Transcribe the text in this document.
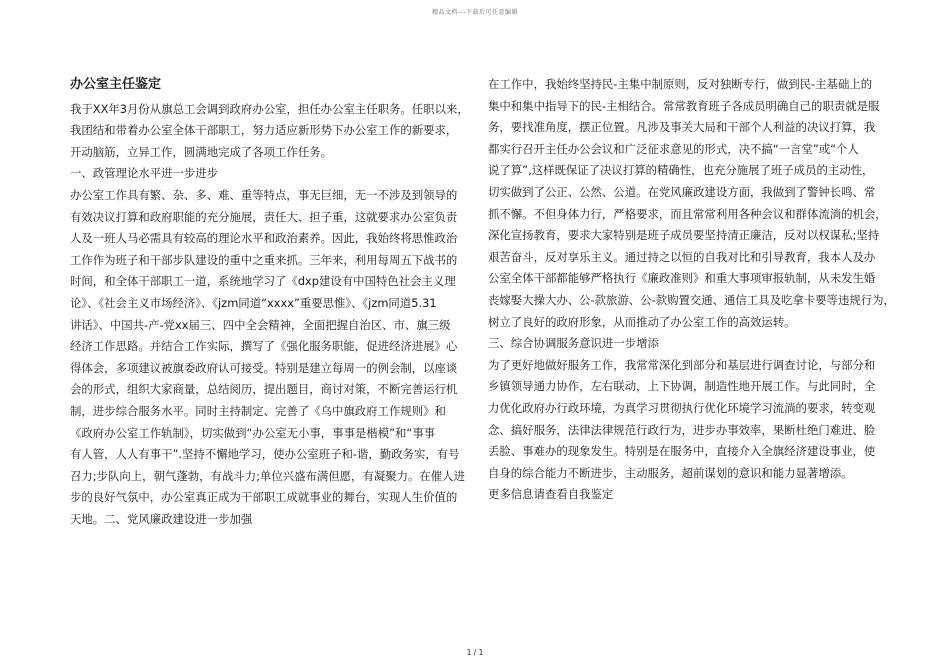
精品文档---下载后可任意编辑

办公室主任鉴定

我于XX年3月份从旗总工会调到政府办公室，担任办公室主任职务。任职以来，

我团结和带着办公室全体干部职工，努力适应新形势下办公室工作的新要求，

开动脑筋，立异工作，圆满地完成了各项工作任务。

一、政管理论水平进一步进步

办公室工作具有繁、杂、多、难、重等特点，事无巨细，无一不涉及到领导的

有效决议打算和政府职能的充分施展，责任大、担子重，这就要求办公室负责

人及一班人马必需具有较高的理论水平和政治素养。因此，我始终将思惟政治

工作作为班子和干部步队建设的重中之重来抓。三年来，利用每周五下战书的

时间，和全体干部职工一道，系统地学习了《dxp建设有中国特色社会主义理

论》、《社会主义市场经济》、《jzm同道“xxxx”重要思惟》、《jzm同道5.31

讲话》、中国共-产-党xx届三、四中全会精神，全面把握自治区、市、旗三级

经济工作思路。并结合工作实际，撰写了《强化服务职能，促进经济进展》心

得体会，多项建议被旗委政府认可接受。特别是建立每周一的例会制，以座谈

会的形式，组织大家商量，总结阅历，提出题目，商讨对策，不断完善运行机

制，进步综合服务水平。同时主持制定、完善了《乌中旗政府工作规则》和

《政府办公室工作轨制》，切实做到“办公室无小事，事事是楷模”和“事事

有人管，人人有事干”.坚持不懈地学习，使办公室班子和-谐，勤政务实，有号

召力;步队向上，朝气蓬勃，有战斗力;单位兴盛布满但愿，有凝聚力。在催人进

步的良好气氛中，办公室真正成为干部职工成就事业的舞台，实现人生价值的

天地。二、党风廉政建设进一步加强

在工作中，我始终坚持民-主集中制原则，反对独断专行，做到民-主基础上的

集中和集中指导下的民-主相结合。常常教育班子各成员明确自己的职责就是服

务，要找准角度，摆正位置。凡涉及事关大局和干部个人利益的决议打算，我

都实行召开主任办公会议和广泛征求意见的形式，决不搞“一言堂”或“个人

说了算”,这样既保证了决议打算的精确性，也充分施展了班子成员的主动性，

切实做到了公正、公然、公道。在党风廉政建设方面，我做到了警钟长鸣、常

抓不懈。不但身体力行，严格要求，而且常常利用各种会议和群体流淌的机会，

深化宣扬教育，要求大家特别是班子成员要坚持清正廉洁，反对以权谋私;坚持

艰苦奋斗，反对享乐主义。通过持之以恒的自我对比和引导教育，我本人及办

公室全体干部都能够严格执行《廉政准则》和重大事项审报轨制，从未发生婚

丧嫁娶大操大办、公-款旅游、公-款购置交通、通信工具及吃拿卡要等违规行为，

树立了良好的政府形象，从而推动了办公室工作的高效运转。

三、综合协调服务意识进一步增添

为了更好地做好服务工作，我常常深化到部分和基层进行调查讨论，与部分和

乡镇领导通力协作，左右联动，上下协调，制造性地开展工作。与此同时，全

力优化政府办行政环境，为真学习贯彻执行优化环境学习流淌的要求，转变观

念、搞好服务，法律法律规范行政行为，进步办事效率，果断杜绝门难进、脸

丢脸、事难办的现象发生。特别是在服务中，直接介入全旗经济建设事业，使

自身的综合能力不断进步，主动服务，超前谋划的意识和能力显著增添。

更多信息请查看自我鉴定

1 / 1
